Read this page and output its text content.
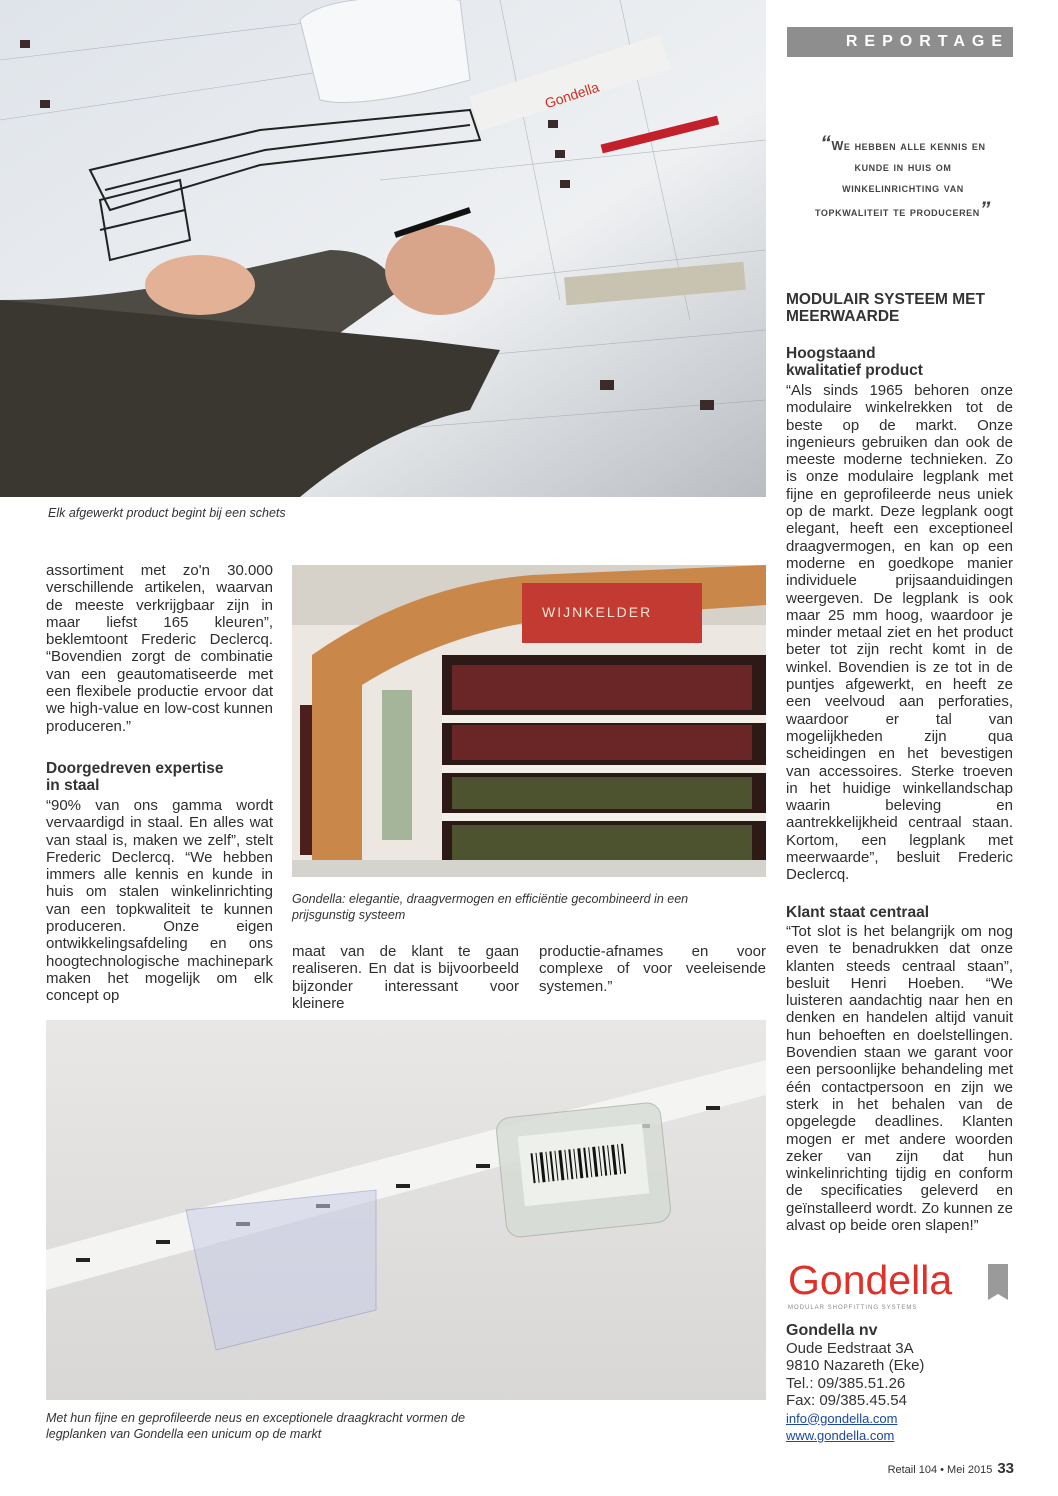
Gondella
Elk afgewerkt product begint bij een schets
REPORTAGE
“We hebben alle kennis en kunde in huis om winkelinrichting van topkwaliteit te produceren”
MODULAIR SYSTEEM MET MEERWAARDE
Hoogstaand kwalitatief product

“Als sinds 1965 behoren onze modulaire winkelrekken tot de beste op de markt. Onze ingenieurs gebruiken dan ook de meeste moderne technieken. Zo is onze modulaire legplank met fijne en geprofileerde neus uniek op de markt. Deze legplank oogt elegant, heeft een exceptioneel draagvermogen, en kan op een moderne en goedkope manier individuele prijsaanduidingen weergeven. De legplank is ook maar 25 mm hoog, waardoor je minder metaal ziet en het product beter tot zijn recht komt in de winkel. Bovendien is ze tot in de puntjes afgewerkt, en heeft ze een veelvoud aan perforaties, waardoor er tal van mogelijkheden zijn qua scheidingen en het bevestigen van accessoires. Sterke troeven in het huidige winkellandschap waarin beleving en aantrekkelijkheid centraal staan. Kortom, een legplank met meerwaarde”, besluit Frederic Declercq.

Klant staat centraal

“Tot slot is het belangrijk om nog even te benadrukken dat onze klanten steeds centraal staan”, besluit Henri Hoeben. “We luisteren aandachtig naar hen en denken en handelen altijd vanuit hun behoeften en doelstellingen. Bovendien staan we garant voor een persoonlijke behandeling met één contactpersoon en zijn we sterk in het behalen van de opgelegde deadlines. Klanten mogen er met andere woorden zeker van zijn dat hun winkelinrichting tijdig en conform de specificaties geleverd en geïnstalleerd wordt. Zo kunnen ze alvast op beide oren slapen!”

Gondella
MODULAR SHOPFITTING SYSTEMS
Gondella nv
Oude Eedstraat 3A
9810 Nazareth (Eke)
Tel.: 09/385.51.26
Fax: 09/385.45.54
info@gondella.com
www.gondella.com

assortiment met zo'n 30.000 verschillende artikelen, waarvan de meeste verkrijgbaar zijn in maar liefst 165 kleuren”, beklemtoont Frederic Declercq. “Bovendien zorgt de combinatie van een geautomatiseerde met een flexibele productie ervoor dat we high-value en low-cost kunnen produceren.”

Doorgedreven expertise in staal

“90% van ons gamma wordt vervaardigd in staal. En alles wat van staal is, maken we zelf”, stelt Frederic Declercq. “We hebben immers alle kennis en kunde in huis om stalen winkelinrichting van een topkwaliteit te kunnen produceren. Onze eigen ontwikkelingsafdeling en ons hoogtechnologische machinepark maken het mogelijk om elk concept op

WIJNKELDER
Gondella: elegantie, draagvermogen en efficiëntie gecombineerd in een prijsgunstig systeem

maat van de klant te gaan realiseren. En dat is bijvoorbeeld bijzonder interessant voor kleinere

productie-afnames en voor complexe of voor veeleisende systemen.”

Met hun fijne en geprofileerde neus en exceptionele draagkracht vormen de legplanken van Gondella een unicum op de markt
Retail 104 • Mei 2015 33
